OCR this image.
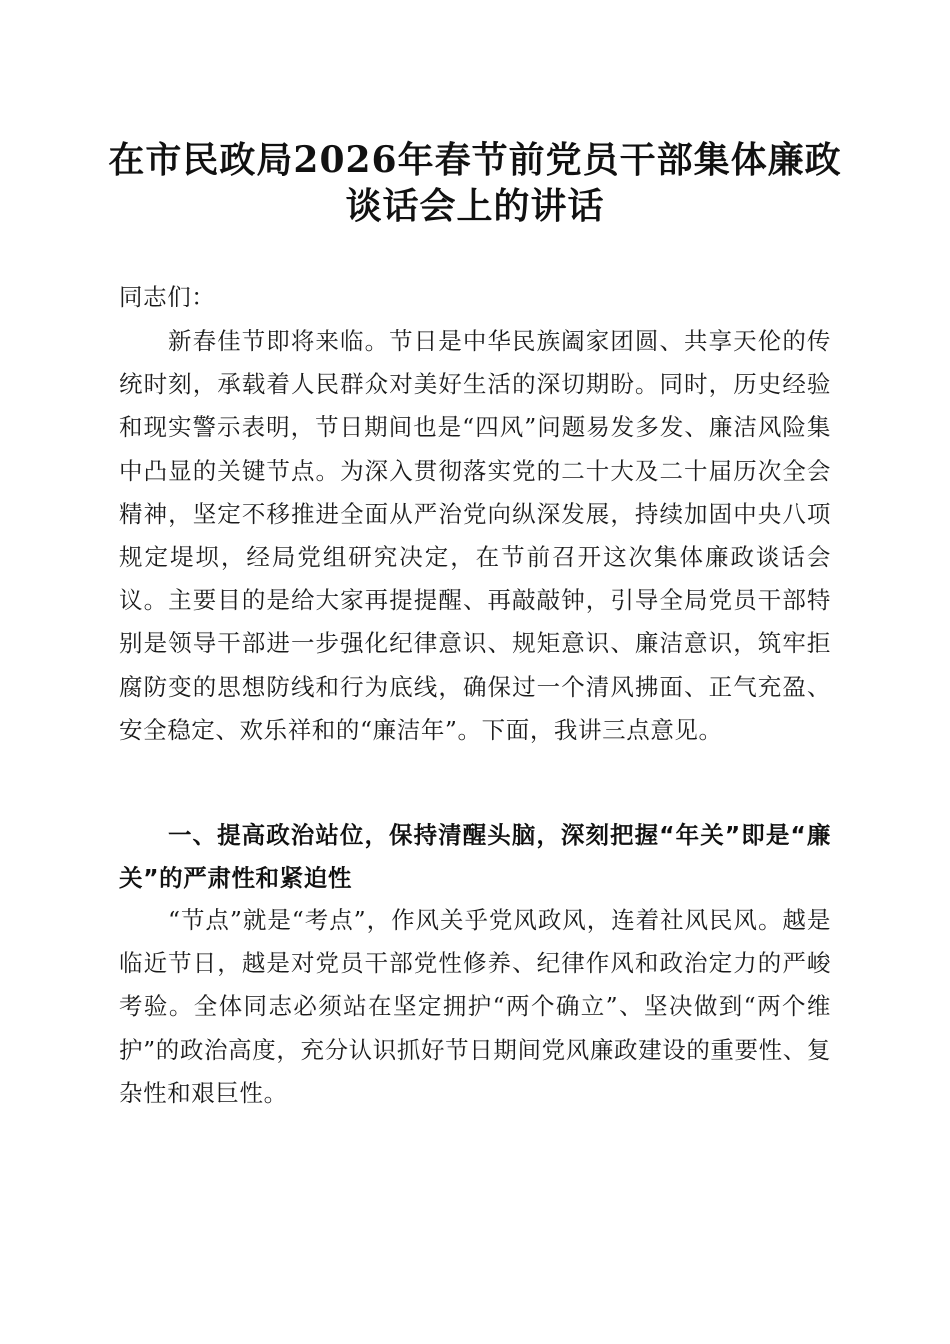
在市民政局2026年春节前党员干部集体廉政
谈话会上的讲话
同志们：
新春佳节即将来临。节日是中华民族阖家团圆、共享天伦的传统时刻，承载着人民群众对美好生活的深切期盼。同时，历史经验和现实警示表明，节日期间也是“四风”问题易发多发、廉洁风险集中凸显的关键节点。为深入贯彻落实党的二十大及二十届历次全会精神，坚定不移推进全面从严治党向纵深发展，持续加固中央八项规定堤坝，经局党组研究决定，在节前召开这次集体廉政谈话会议。主要目的是给大家再提提醒、再敲敲钟，引导全局党员干部特别是领导干部进一步强化纪律意识、规矩意识、廉洁意识，筑牢拒腐防变的思想防线和行为底线，确保过一个清风拂面、正气充盈、安全稳定、欢乐祥和的“廉洁年”。下面，我讲三点意见。
一、提高政治站位，保持清醒头脑，深刻把握“年关”即是“廉关”的严肃性和紧迫性
“节点”就是“考点”，作风关乎党风政风，连着社风民风。越是临近节日，越是对党员干部党性修养、纪律作风和政治定力的严峻考验。全体同志必须站在坚定拥护“两个确立”、坚决做到“两个维护”的政治高度，充分认识抓好节日期间党风廉政建设的重要性、复杂性和艰巨性。
